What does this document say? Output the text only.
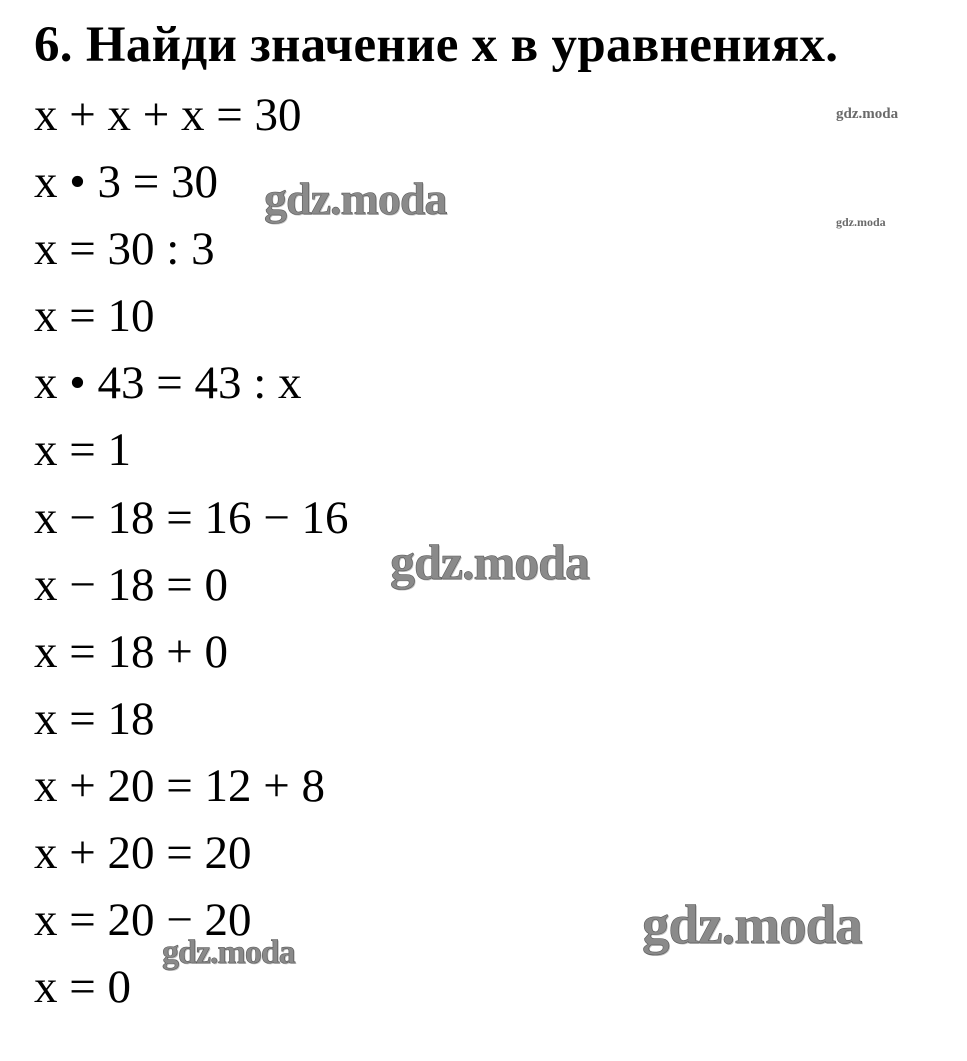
6. Найди значение x в уравнениях.
x + x + x = 30
x • 3 = 30
x = 30 : 3
x = 10
x • 43 = 43 : x
x = 1
x − 18 = 16 − 16
x − 18 = 0
x = 18 + 0
x = 18
x + 20 = 12 + 8
x + 20 = 20
x = 20 − 20
x = 0
gdz.moda
gdz.moda
gdz.moda
gdz.moda
gdz.moda
gdz.moda
